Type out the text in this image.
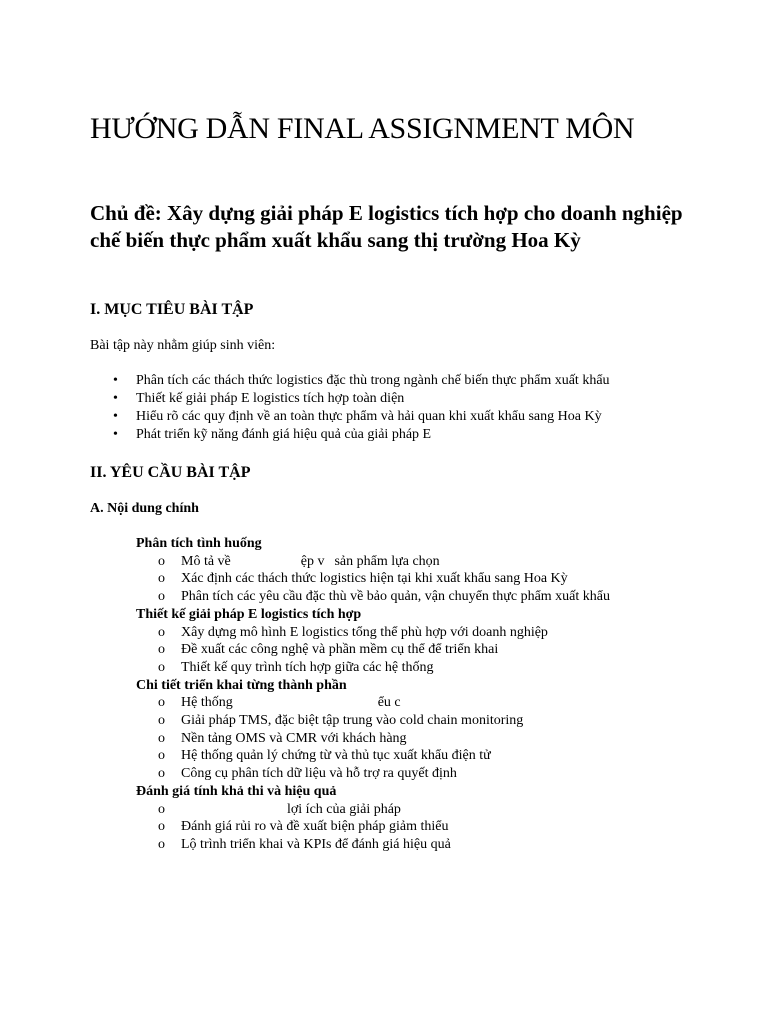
HƯỚNG DẪN FINAL ASSIGNMENT MÔN
Chủ đề: Xây dựng giải pháp E logistics tích hợp cho doanh nghiệp chế biến thực phẩm xuất khẩu sang thị trường Hoa Kỳ
I. MỤC TIÊU BÀI TẬP

Bài tập này nhằm giúp sinh viên:

• Phân tích các thách thức logistics đặc thù trong ngành chế biến thực phẩm xuất khẩu
• Thiết kế giải pháp E logistics tích hợp toàn diện
• Hiểu rõ các quy định về an toàn thực phẩm và hải quan khi xuất khẩu sang Hoa Kỳ
• Phát triển kỹ năng đánh giá hiệu quả của giải pháp E
II. YÊU CẦU BÀI TẬP
A. Nội dung chính
Phân tích tình huống
o Mô tả về	ệp v sản phẩm lựa chọn
o Xác định các thách thức logistics hiện tại khi xuất khẩu sang Hoa Kỳ
o Phân tích các yêu cầu đặc thù về bảo quản, vận chuyển thực phẩm xuất khẩu
Thiết kế giải pháp E logistics tích hợp
o Xây dựng mô hình E logistics tổng thể phù hợp với doanh nghiệp
o Đề xuất các công nghệ và phần mềm cụ thể để triển khai
o Thiết kế quy trình tích hợp giữa các hệ thống
Chi tiết triển khai từng thành phần
o Hệ thống	ểu c
o Giải pháp TMS, đặc biệt tập trung vào cold chain monitoring
o Nền tảng OMS và CMR với khách hàng
o Hệ thống quản lý chứng từ và thủ tục xuất khẩu điện tử
o Công cụ phân tích dữ liệu và hỗ trợ ra quyết định
Đánh giá tính khả thi và hiệu quả
o	lợi ích của giải pháp
o Đánh giá rủi ro và đề xuất biện pháp giảm thiểu
o Lộ trình triển khai và KPIs để đánh giá hiệu quả
